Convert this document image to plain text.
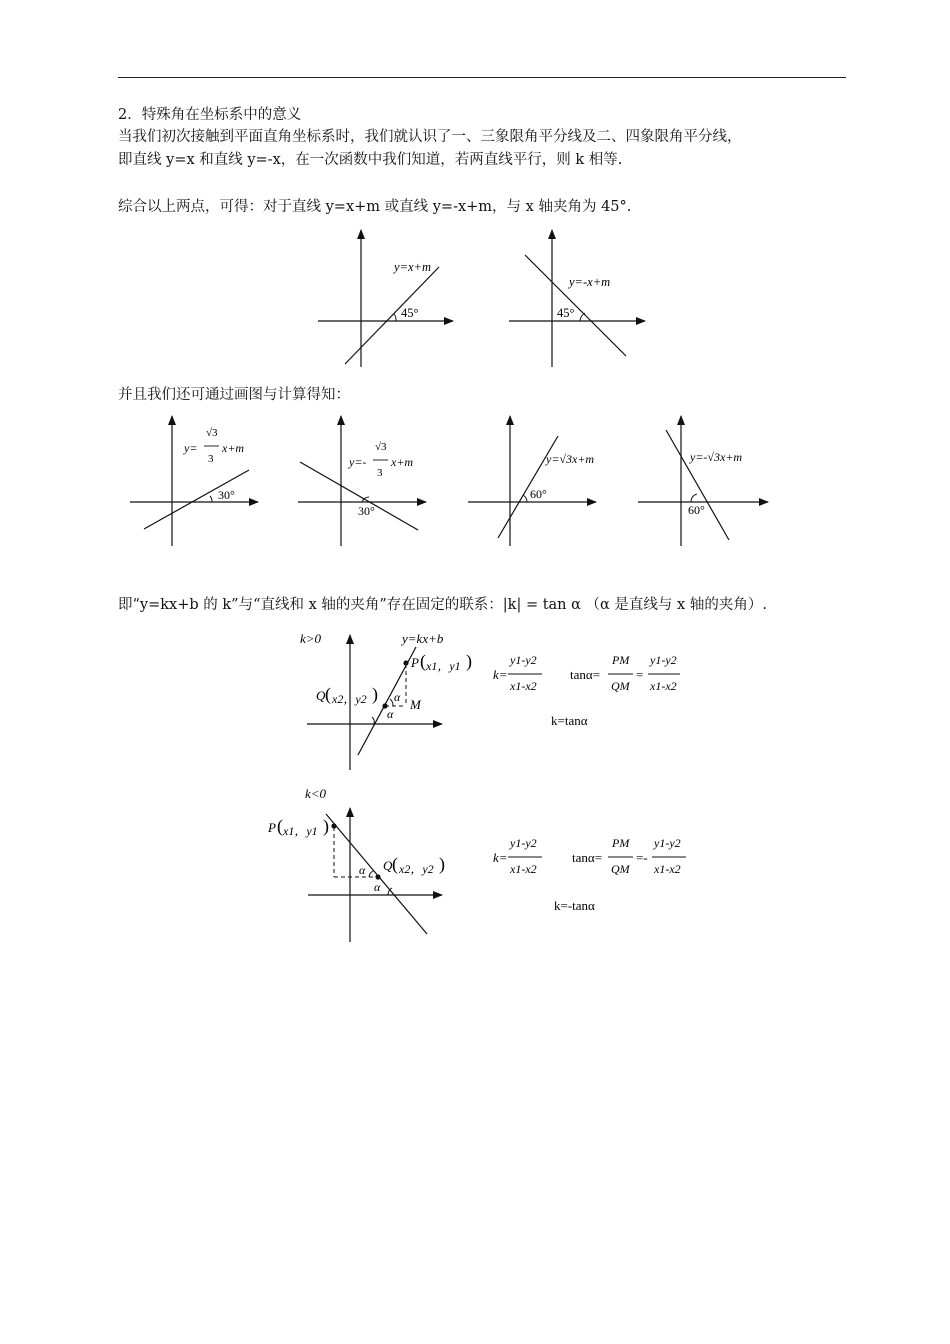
2．特殊角在坐标系中的意义
当我们初次接触到平面直角坐标系时，我们就认识了一、三象限角平分线及二、四象限角平分线，
即直线 y=x 和直线 y=-x，在一次函数中我们知道，若两直线平行，则 k 相等.
综合以上两点，可得：对于直线 y=x+m 或直线 y=-x+m，与 x 轴夹角为 45°.
y=x+m
45°
y=-x+m
45°
并且我们还可通过画图与计算得知：
y=
√3
3
x+m
30°
y=-
√3
3
x+m
30°
y=√3x+m
60°
y=-√3x+m
60°
即“y=kx+b 的 k”与“直线和 x 轴的夹角”存在固定的联系：|k| = tan α （α 是直线与 x 轴的夹角）.
k>0	y=kx+b
P ( x1，y1 )
Q ( x2，y2 )
M
α
α
k=
y1-y2
x1-x2
tanα=
PM
QM
=
y1-y2
x1-x2
k=tanα
k<0
P ( x1，y1 )
Q ( x2，y2 )
α
α
k=
y1-y2
x1-x2
tanα=
PM
QM
=-
y1-y2
x1-x2
k=-tanα
